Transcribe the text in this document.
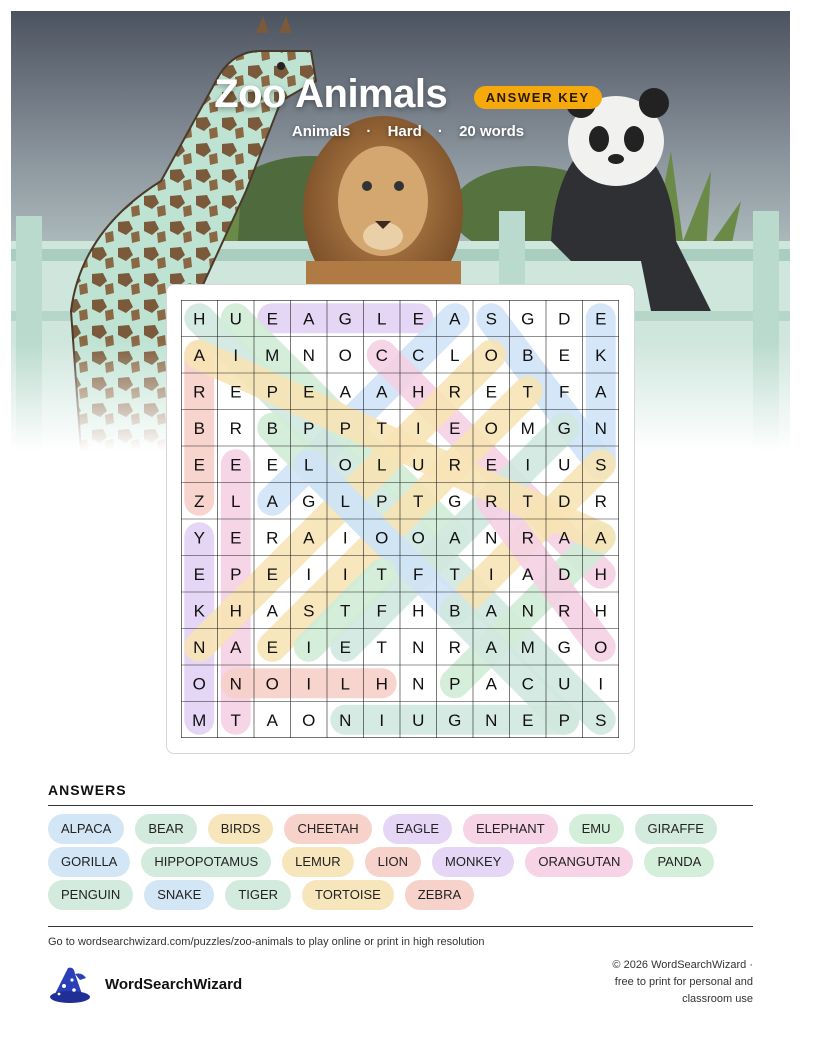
Zoo Animals	ANSWER KEY
Animals · Hard · 20 words
H U E A G L E A S G D E
A I M N O C C L O B E K
R E P E A A H R E T F A
B R B P P T I E O M G N
E E E L O L U R E I U S
Z L A G L P T G R T D R
Y E R A I O O A N R A A
E P E I I T F T I A D H
K H A S T F H B A N R H
N A E I E T N R A M G O
O N O I L H N P A C U I
M T A O N I U G N E P S
ANSWERS
ALPACA	BEAR	BIRDS	CHEETAH	EAGLE	ELEPHANT	EMU	GIRAFFE
GORILLA	HIPPOPOTAMUS	LEMUR	LION	MONKEY	ORANGUTAN	PANDA
PENGUIN	SNAKE	TIGER	TORTOISE	ZEBRA
Go to wordsearchwizard.com/puzzles/zoo-animals to play online or print in high resolution
WordSearchWizard
© 2026 WordSearchWizard ·
free to print for personal and
classroom use
